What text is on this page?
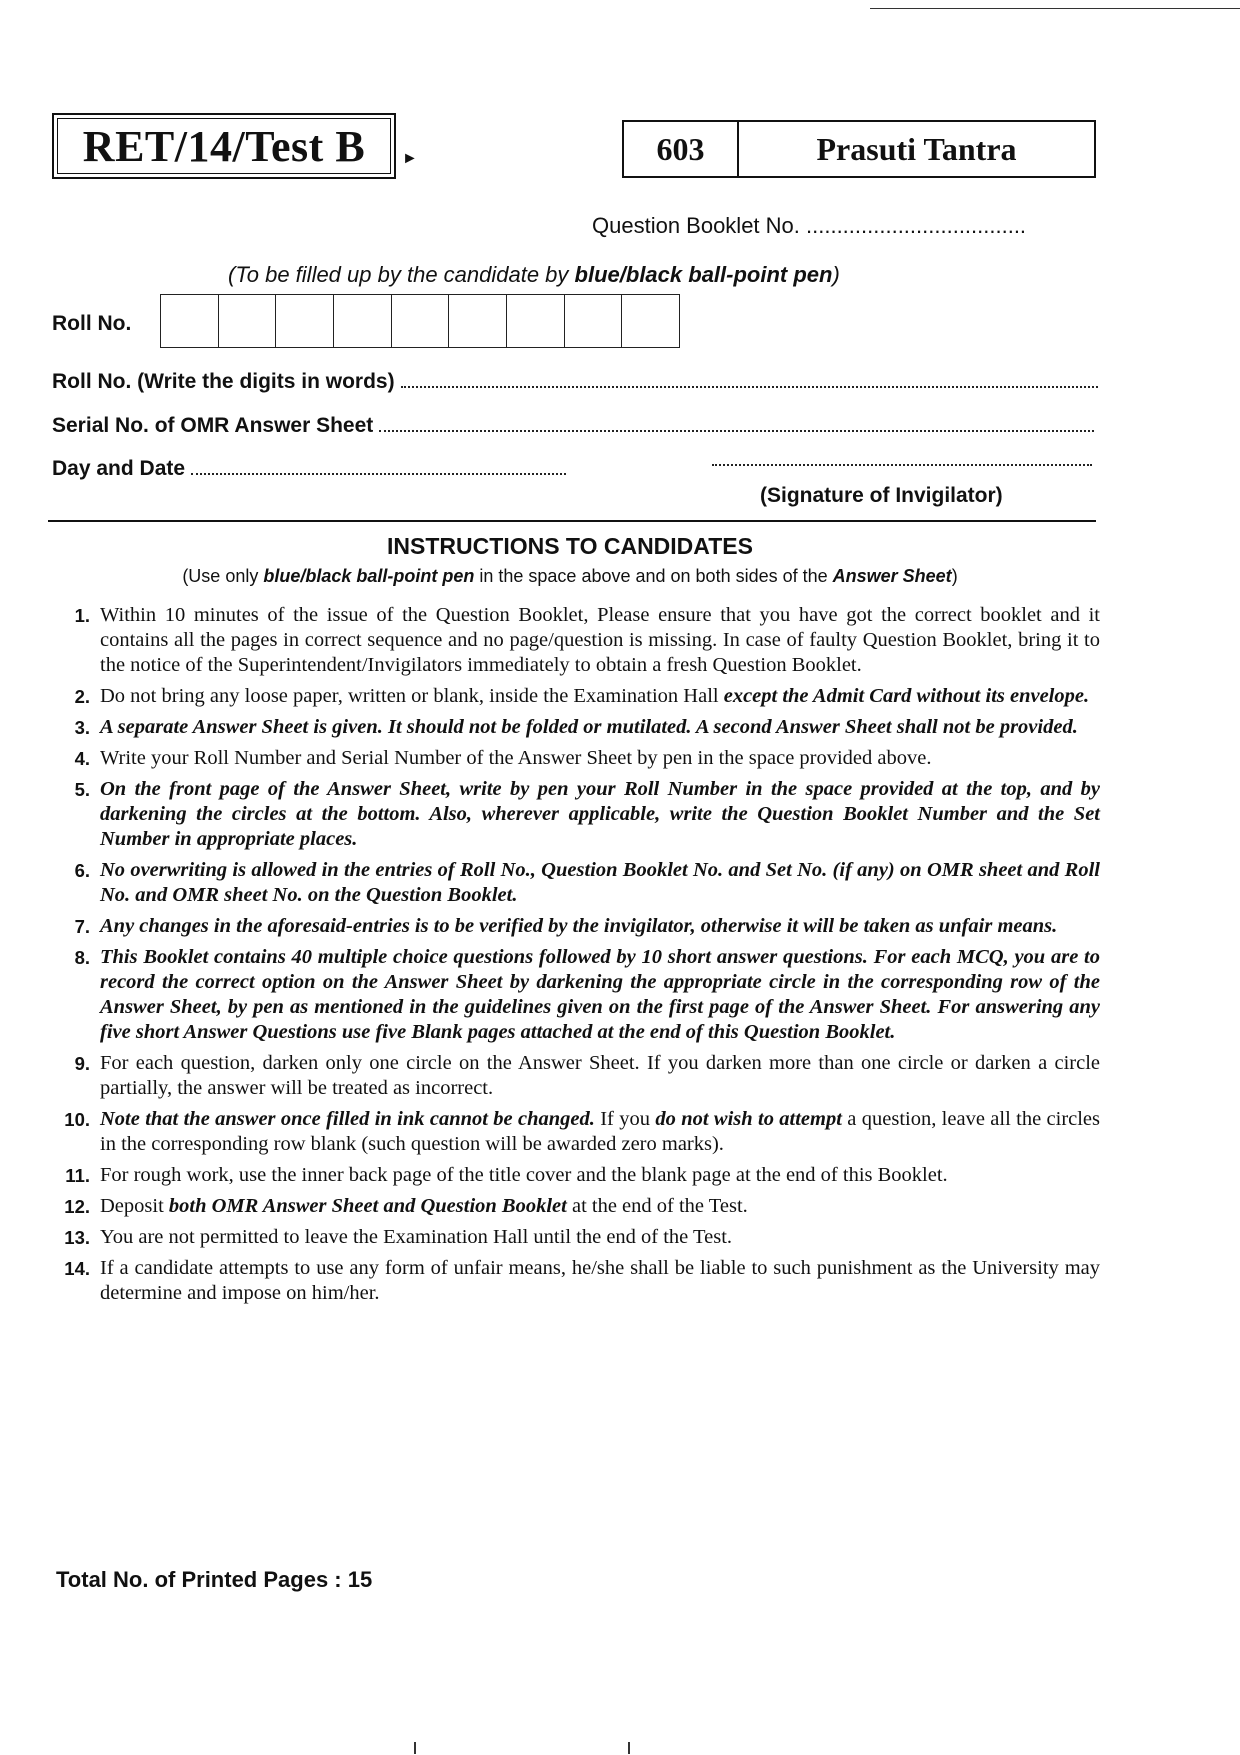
RET/14/Test B ►	603	Prasuti Tantra
Question Booklet No. ....................................
(To be filled up by the candidate by blue/black ball-point pen)
Roll No.
Roll No. (Write the digits in words)
Serial No. of OMR Answer Sheet
Day and Date
(Signature of Invigilator)
INSTRUCTIONS TO CANDIDATES
(Use only blue/black ball-point pen in the space above and on both sides of the Answer Sheet)
1. Within 10 minutes of the issue of the Question Booklet, Please ensure that you have got the correct booklet and it contains all the pages in correct sequence and no page/question is missing. In case of faulty Question Booklet, bring it to the notice of the Superintendent/Invigilators immediately to obtain a fresh Question Booklet.
2. Do not bring any loose paper, written or blank, inside the Examination Hall except the Admit Card without its envelope.
3. A separate Answer Sheet is given. It should not be folded or mutilated. A second Answer Sheet shall not be provided.
4. Write your Roll Number and Serial Number of the Answer Sheet by pen in the space provided above.
5. On the front page of the Answer Sheet, write by pen your Roll Number in the space provided at the top, and by darkening the circles at the bottom. Also, wherever applicable, write the Question Booklet Number and the Set Number in appropriate places.
6. No overwriting is allowed in the entries of Roll No., Question Booklet No. and Set No. (if any) on OMR sheet and Roll No. and OMR sheet No. on the Question Booklet.
7. Any changes in the aforesaid-entries is to be verified by the invigilator, otherwise it will be taken as unfair means.
8. This Booklet contains 40 multiple choice questions followed by 10 short answer questions. For each MCQ, you are to record the correct option on the Answer Sheet by darkening the appropriate circle in the corresponding row of the Answer Sheet, by pen as mentioned in the guidelines given on the first page of the Answer Sheet. For answering any five short Answer Questions use five Blank pages attached at the end of this Question Booklet.
9. For each question, darken only one circle on the Answer Sheet. If you darken more than one circle or darken a circle partially, the answer will be treated as incorrect.
10. Note that the answer once filled in ink cannot be changed. If you do not wish to attempt a question, leave all the circles in the corresponding row blank (such question will be awarded zero marks).
11. For rough work, use the inner back page of the title cover and the blank page at the end of this Booklet.
12. Deposit both OMR Answer Sheet and Question Booklet at the end of the Test.
13. You are not permitted to leave the Examination Hall until the end of the Test.
14. If a candidate attempts to use any form of unfair means, he/she shall be liable to such punishment as the University may determine and impose on him/her.
Total No. of Printed Pages : 15
